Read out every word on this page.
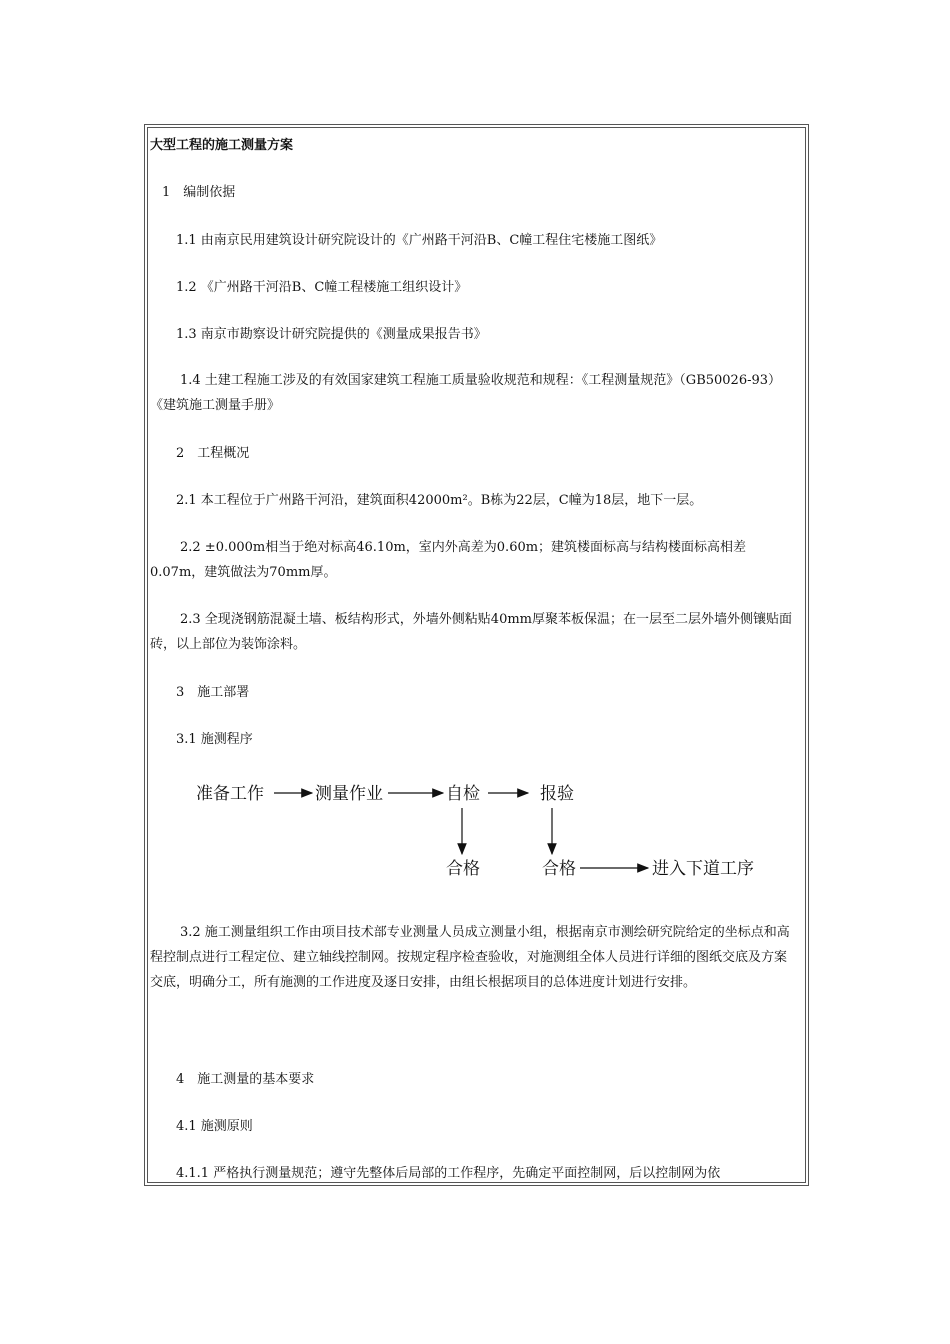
大型工程的施工测量方案
1　编制依据
1.1 由南京民用建筑设计研究院设计的《广州路干河沿B、C幢工程住宅楼施工图纸》
1.2 《广州路干河沿B、C幢工程楼施工组织设计》
1.3 南京市勘察设计研究院提供的《测量成果报告书》
1.4 土建工程施工涉及的有效国家建筑工程施工质量验收规范和规程：《工程测量规范》（GB50026-93） 《建筑施工测量手册》
2　工程概况
2.1 本工程位于广州路干河沿，建筑面积42000m²。B栋为22层，C幢为18层，地下一层。
2.2 ±0.000m相当于绝对标高46.10m，室内外高差为0.60m；建筑楼面标高与结构楼面标高相差0.07m，建筑做法为70mm厚。
2.3 全现浇钢筋混凝土墙、板结构形式，外墙外侧粘贴40mm厚聚苯板保温；在一层至二层外墙外侧镶贴面砖，以上部位为装饰涂料。
3　施工部署
3.1 施测程序
准备工作	测量作业	自检	报验
合格	合格	进入下道工序
3.2 施工测量组织工作由项目技术部专业测量人员成立测量小组，根据南京市测绘研究院给定的坐标点和高程控制点进行工程定位、建立轴线控制网。按规定程序检查验收，对施测组全体人员进行详细的图纸交底及方案交底，明确分工，所有施测的工作进度及逐日安排，由组长根据项目的总体进度计划进行安排。
4　施工测量的基本要求
4.1 施测原则
4.1.1 严格执行测量规范；遵守先整体后局部的工作程序，先确定平面控制网，后以控制网为依
